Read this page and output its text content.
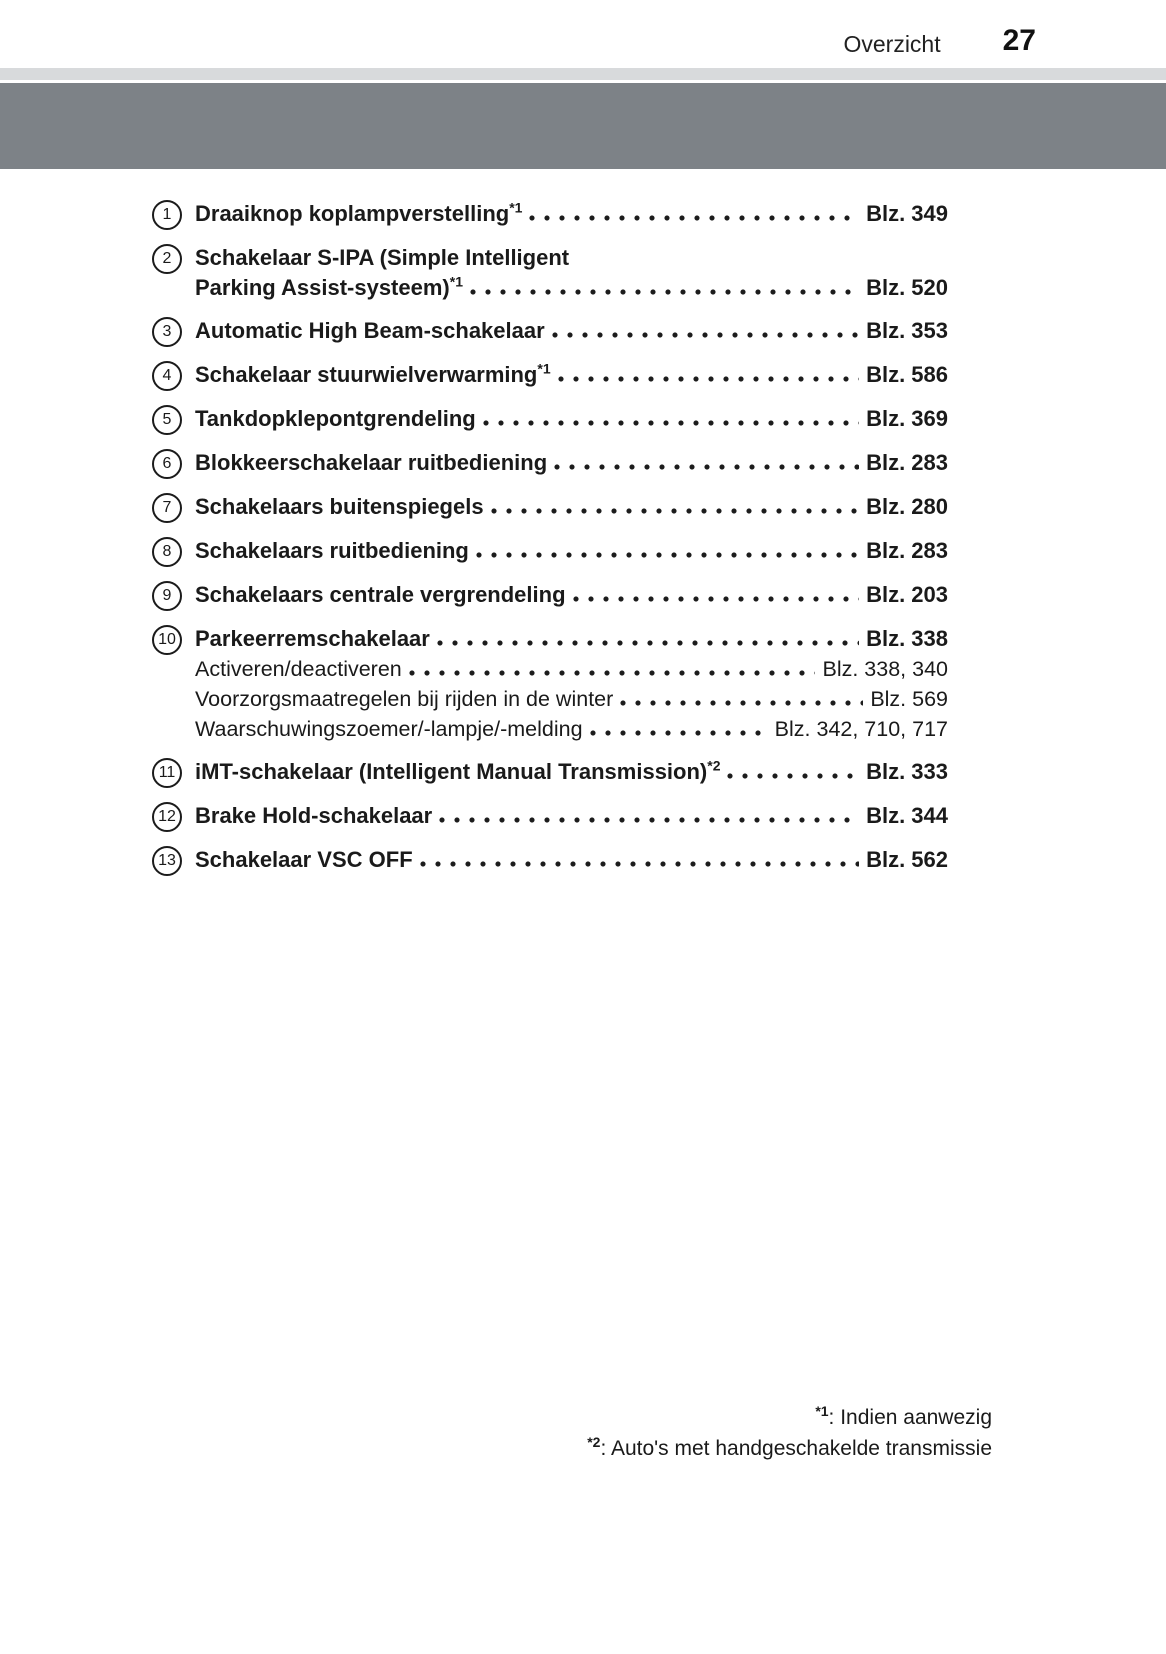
Overzicht 27
1	Draaiknop koplampverstelling$^{*1}$	Blz. 349
2	Schakelaar S-IPA (Simple Intelligent
Parking Assist-systeem)$^{*1}$	Blz. 520
3	Automatic High Beam-schakelaar	Blz. 353
4	Schakelaar stuurwielverwarming$^{*1}$	Blz. 586
5	Tankdopklepontgrendeling	Blz. 369
6	Blokkeerschakelaar ruitbediening	Blz. 283
7	Schakelaars buitenspiegels	Blz. 280
8	Schakelaars ruitbediening	Blz. 283
9	Schakelaars centrale vergrendeling	Blz. 203
10 Parkeerremschakelaar	Blz. 338
Activeren/deactiveren	Blz. 338, 340
Voorzorgsmaatregelen bij rijden in de winter	Blz. 569
Waarschuwingszoemer/-lampje/-melding	Blz. 342, 710, 717
11 iMT-schakelaar (Intelligent Manual Transmission)$^{*2}$	Blz. 333
12 Brake Hold-schakelaar	Blz. 344
13 Schakelaar VSC OFF	Blz. 562
$^{*1}$: Indien aanwezig
$^{*2}$: Auto's met handgeschakelde transmissie
